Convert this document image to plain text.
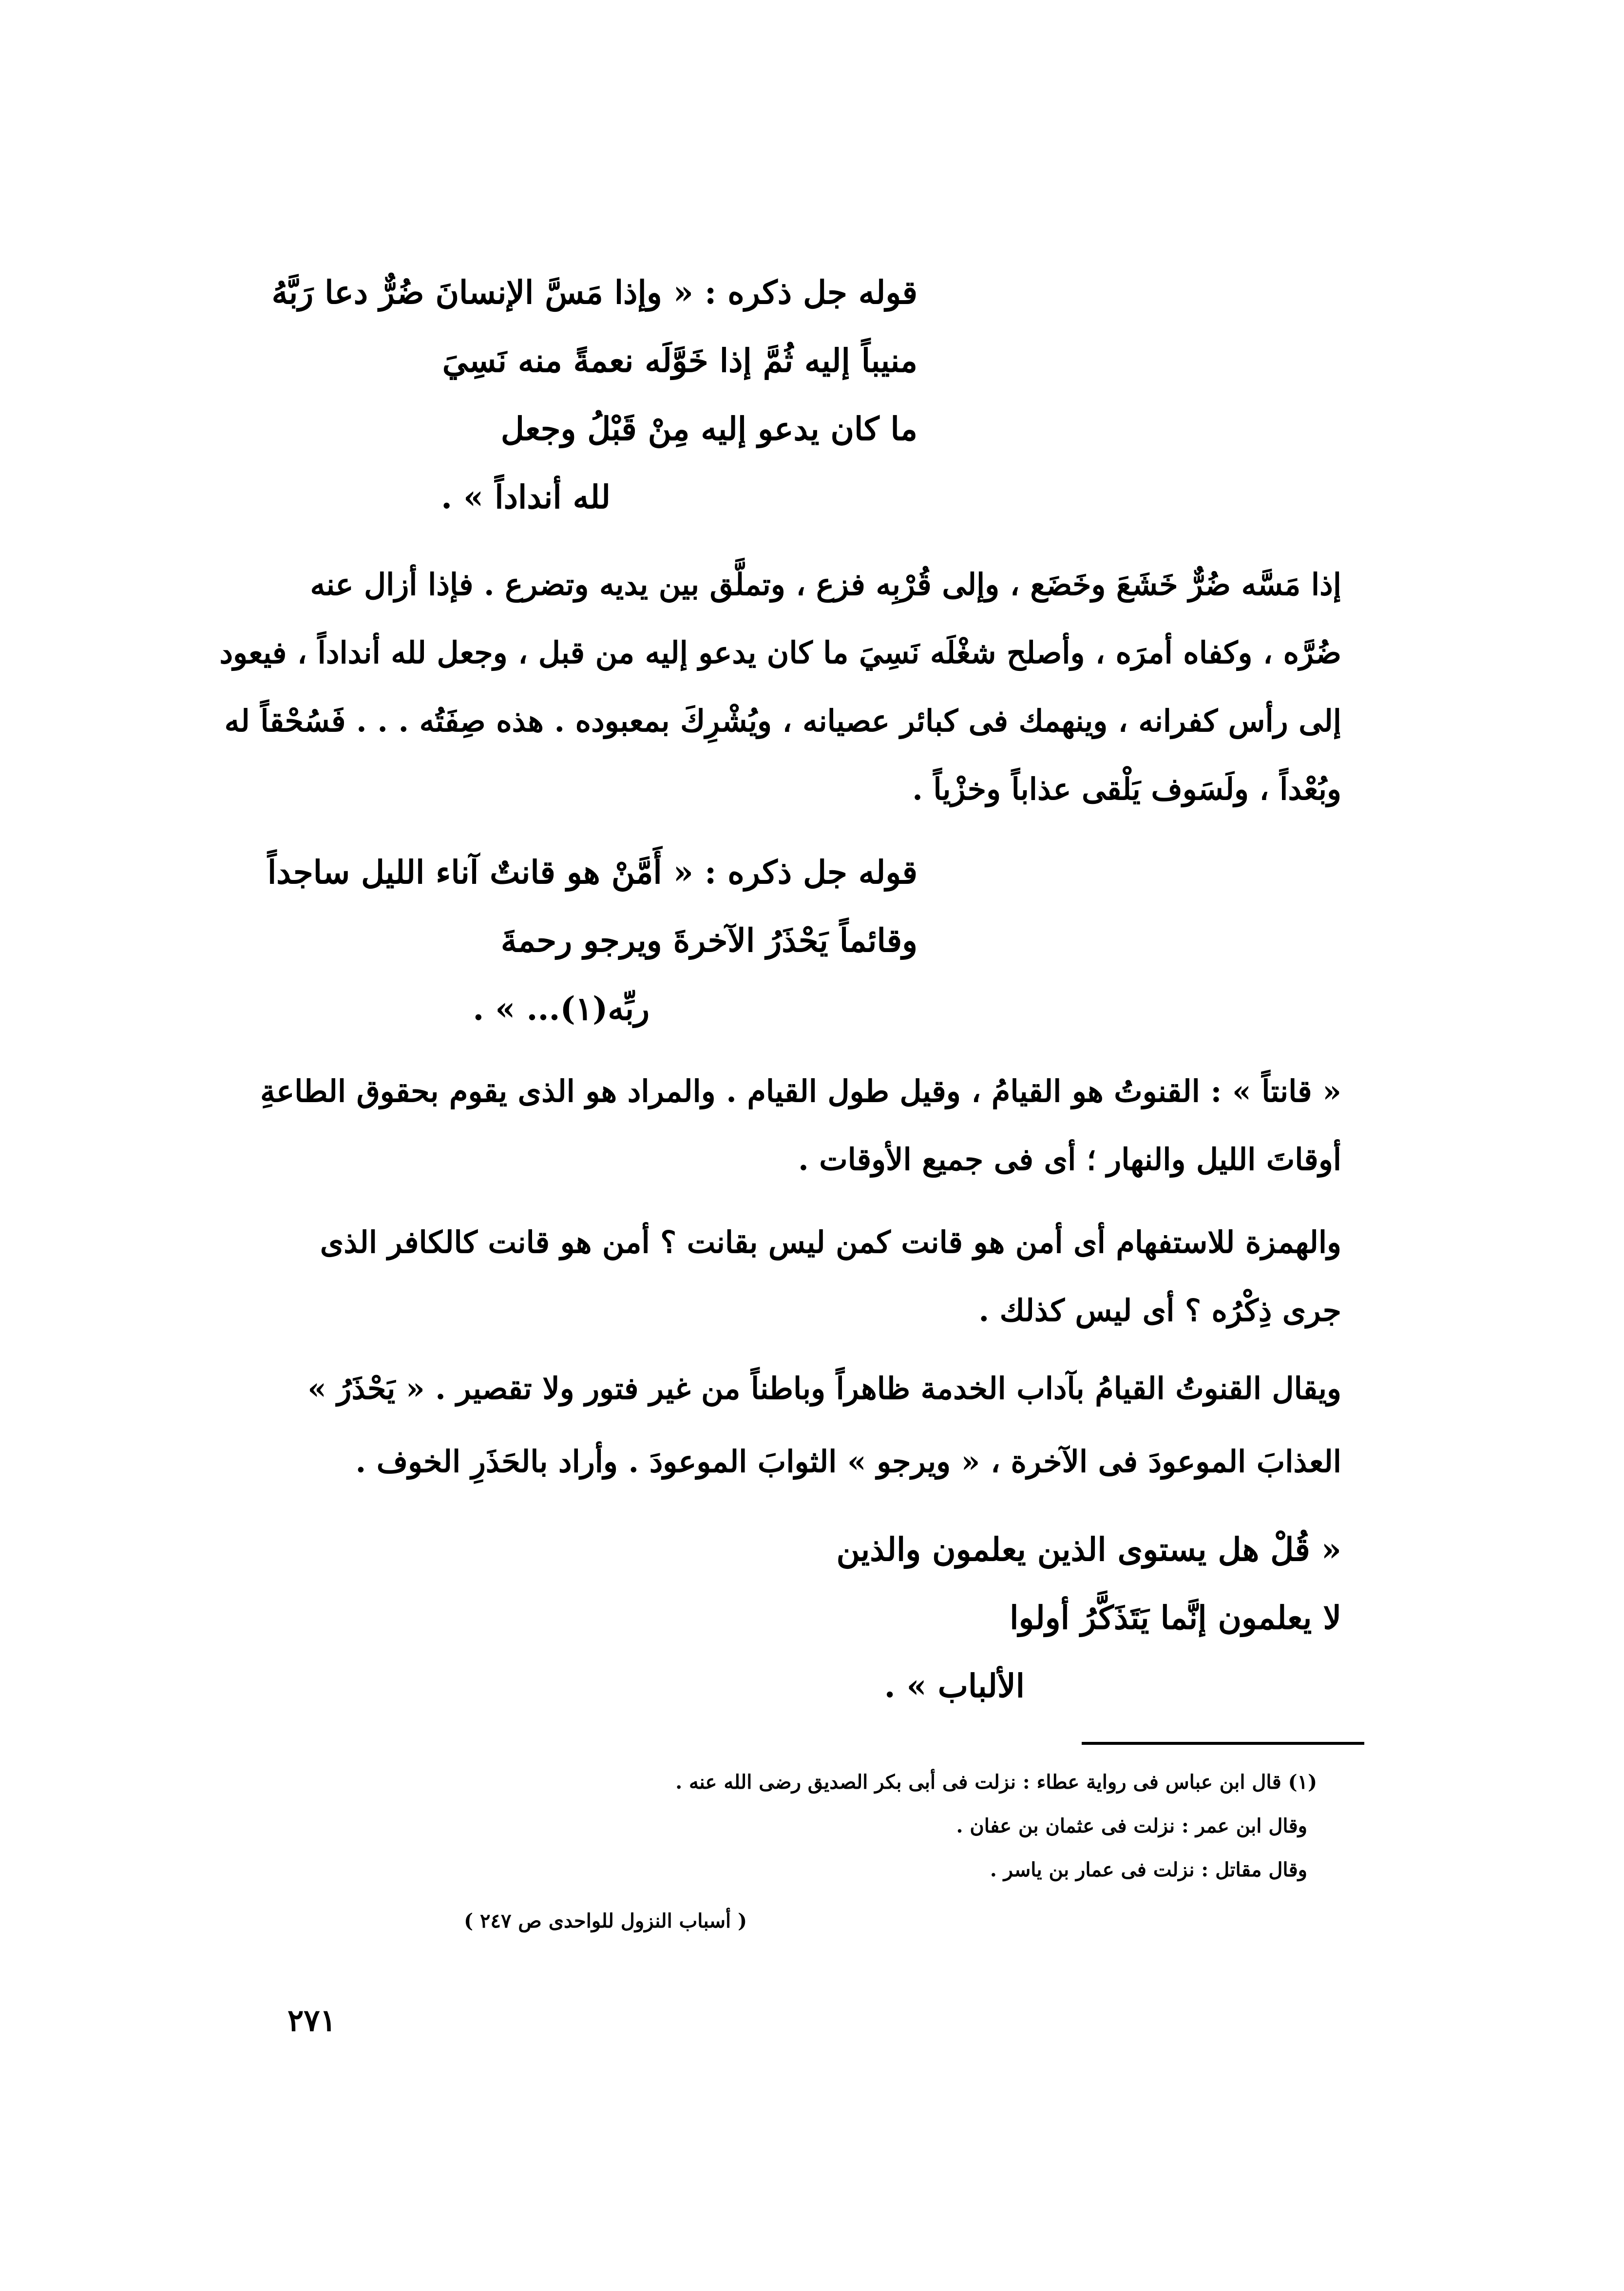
قوله جل ذكره : « وإذا مَسَّ الإنسانَ ضُرٌّ دعا رَبَّهُ
منيباً إليه ثُمَّ إذا خَوَّلَه نعمةً منه نَسِيَ
ما كان يدعو إليه مِنْ قَبْلُ وجعل
لله أنداداً » .
إذا مَسَّه ضُرٌّ خَشَعَ وخَضَع ، وإلى قُرْبِه فزع ، وتملَّق بين يديه وتضرع . فإذا أزال عنه
ضُرَّه ، وكفاه أمرَه ، وأصلح شغْلَه نَسِيَ ما كان يدعو إليه من قبل ، وجعل لله أنداداً ، فيعود
إلى رأس كفرانه ، وينهمك فى كبائر عصيانه ، ويُشْرِكَ بمعبوده . هذه صِفَتُه . . . فَسُحْقاً له
وبُعْداً ، ولَسَوف يَلْقى عذاباً وخزْياً .
قوله جل ذكره : « أَمَّنْ هو قانتٌ آناء الليل ساجداً
وقائماً يَحْذَرُ الآخرةَ ويرجو رحمةَ
ربِّه(١)... » .
« قانتاً » : القنوتُ هو القيامُ ، وقيل طول القيام . والمراد هو الذى يقوم بحقوق الطاعةِ
أوقاتَ الليل والنهار ؛ أى فى جميع الأوقات .
والهمزة للاستفهام أى أمن هو قانت كمن ليس بقانت ؟ أمن هو قانت كالكافر الذى
جرى ذِكْرُه ؟ أى ليس كذلك .
ويقال القنوتُ القيامُ بآداب الخدمة ظاهراً وباطناً من غير فتور ولا تقصير . « يَحْذَرُ »
العذابَ الموعودَ فى الآخرة ، « ويرجو » الثوابَ الموعودَ . وأراد بالحَذَرِ الخوف .
« قُلْ هل يستوى الذين يعلمون والذين
لا يعلمون إنَّما يَتَذَكَّرُ أولوا
الألباب » .
(١) قال ابن عباس فى رواية عطاء : نزلت فى أبى بكر الصديق رضى الله عنه .
وقال ابن عمر : نزلت فى عثمان بن عفان .
وقال مقاتل : نزلت فى عمار بن ياسر .
( أسباب النزول للواحدى ص ٢٤٧ )
٢٧١
